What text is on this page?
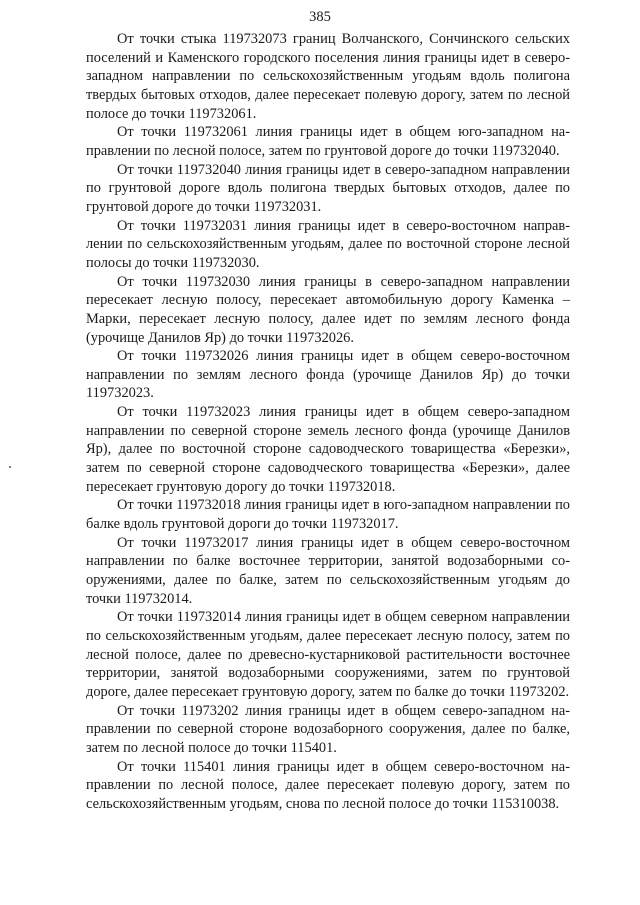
385

От точки стыка 119732073 границ Волчанского, Сончинского сельских поселений и Каменского городского поселения линия границы идет в северо-западном направлении по сельскохозяйственным угодьям вдоль полигона твердых бытовых отходов, далее пересекает полевую дорогу, затем по лесной полосе до точки 119732061.

От точки 119732061 линия границы идет в общем юго-западном направлении по лесной полосе, затем по грунтовой дороге до точки 119732040.

От точки 119732040 линия границы идет в северо-западном направлении по грунтовой дороге вдоль полигона твердых бытовых отходов, далее по грунтовой дороге до точки 119732031.

От точки 119732031 линия границы идет в северо-восточном направлении по сельскохозяйственным угодьям, далее по восточной стороне лесной полосы до точки 119732030.

От точки 119732030 линия границы в северо-западном направлении пересекает лесную полосу, пересекает автомобильную дорогу Каменка – Марки, пересекает лесную полосу, далее идет по землям лесного фонда (урочище Данилов Яр) до точки 119732026.

От точки 119732026 линия границы идет в общем северо-восточном направлении по землям лесного фонда (урочище Данилов Яр) до точки 119732023.

От точки 119732023 линия границы идет в общем северо-западном направлении по северной стороне земель лесного фонда (урочище Данилов Яр), далее по восточной стороне садоводческого товарищества «Березки», затем по северной стороне садоводческого товарищества «Березки», далее пересекает грунтовую дорогу до точки 119732018.

От точки 119732018 линия границы идет в юго-западном направлении по балке вдоль грунтовой дороги до точки 119732017.

От точки 119732017 линия границы идет в общем северо-восточном направлении по балке восточнее территории, занятой водозаборными сооружениями, далее по балке, затем по сельскохозяйственным угодьям до точки 119732014.

От точки 119732014 линия границы идет в общем северном направлении по сельскохозяйственным угодьям, далее пересекает лесную полосу, затем по лесной полосе, далее по древесно-кустарниковой растительности восточнее территории, занятой водозаборными сооружениями, затем по грунтовой дороге, далее пересекает грунтовую дорогу, затем по балке до точки 11973202.

От точки 11973202 линия границы идет в общем северо-западном направлении по северной стороне водозаборного сооружения, далее по балке, затем по лесной полосе до точки 115401.

От точки 115401 линия границы идет в общем северо-восточном направлении по лесной полосе, далее пересекает полевую дорогу, затем по сельскохозяйственным угодьям, снова по лесной полосе до точки 115310038.
